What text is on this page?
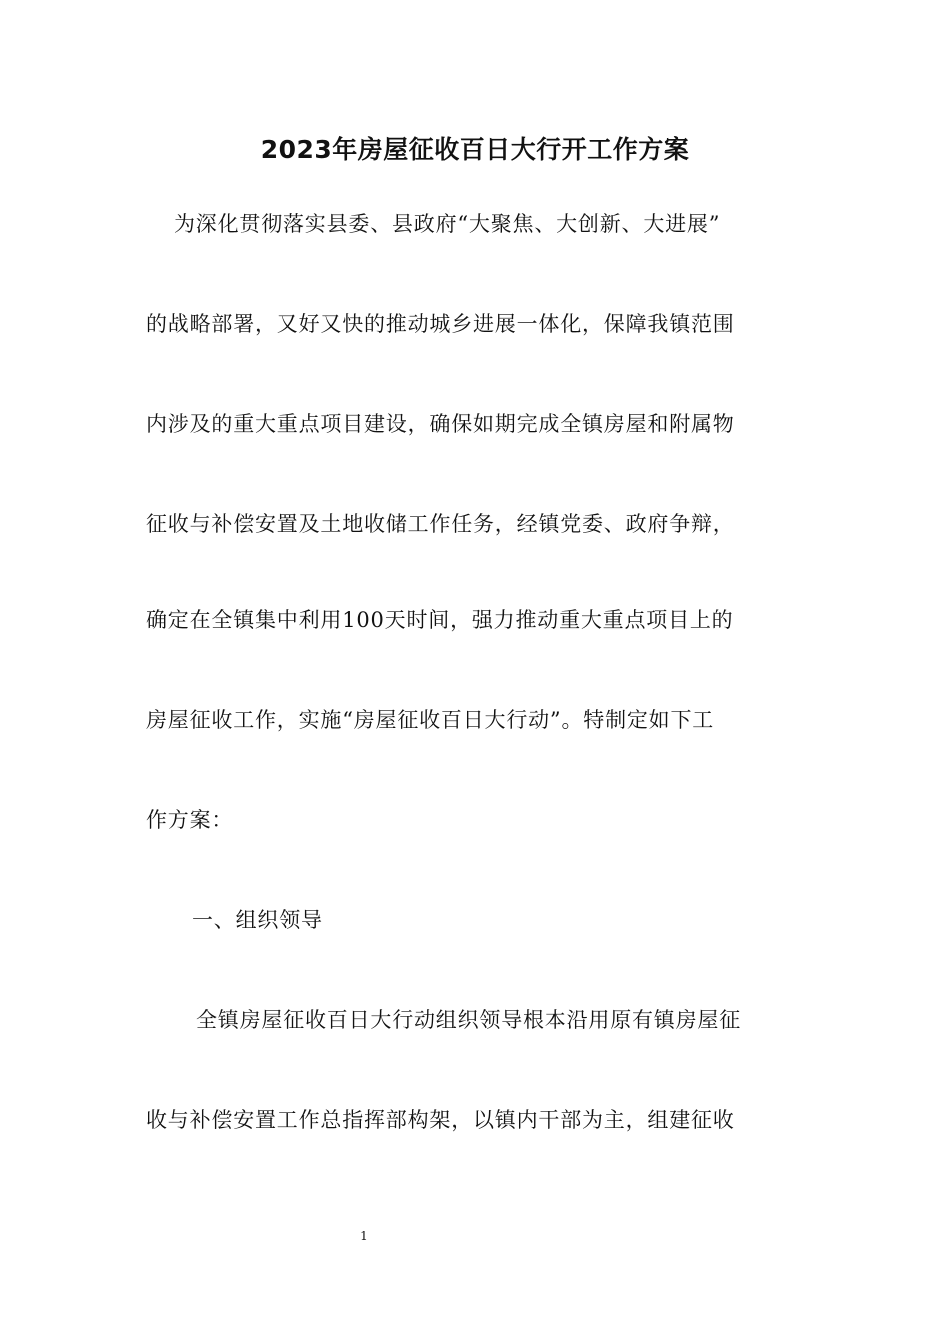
2023年房屋征收百日大行开工作方案

为深化贯彻落实县委、县政府“大聚焦、大创新、大进展”

的战略部署，又好又快的推动城乡进展一体化，保障我镇范围

内涉及的重大重点项目建设，确保如期完成全镇房屋和附属物

征收与补偿安置及土地收储工作任务，经镇党委、政府争辩，

确定在全镇集中利用100天时间，强力推动重大重点项目上的

房屋征收工作，实施“房屋征收百日大行动”。特制定如下工

作方案：

一、组织领导

全镇房屋征收百日大行动组织领导根本沿用原有镇房屋征

收与补偿安置工作总指挥部构架，以镇内干部为主，组建征收

1
